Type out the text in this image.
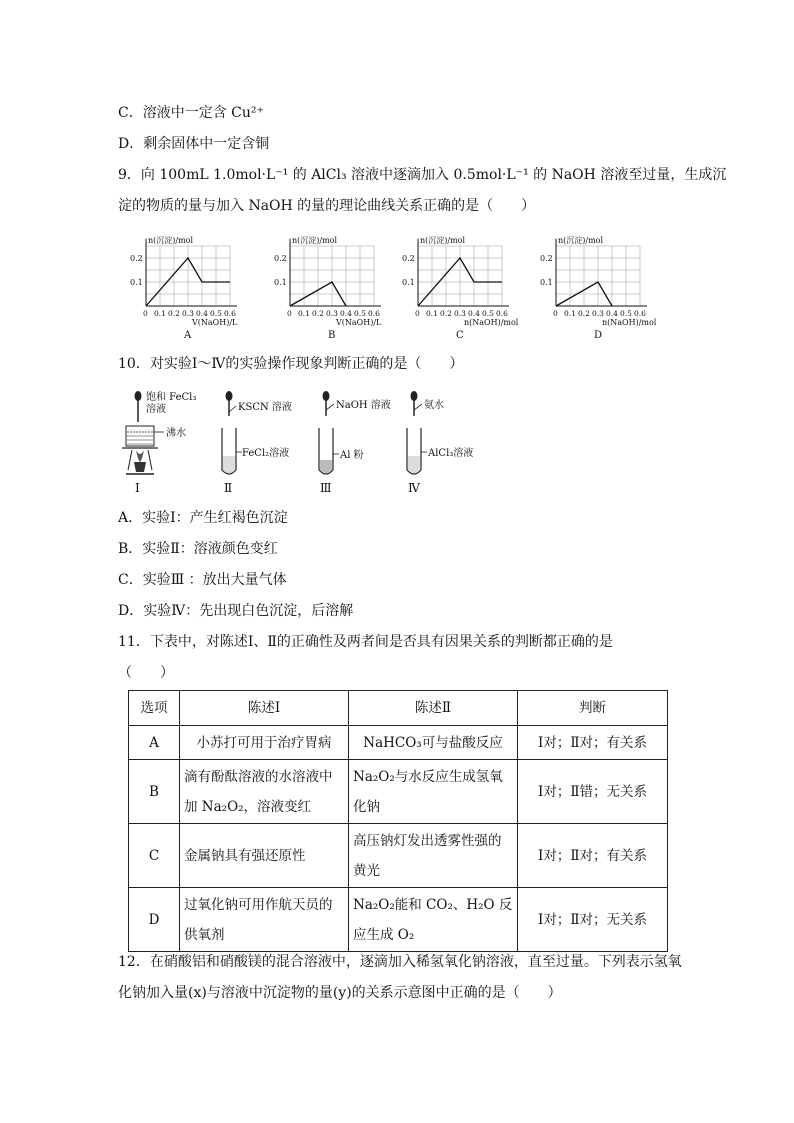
C．溶液中一定含 Cu²⁺
D．剩余固体中一定含铜
9．向 100mL 1.0mol·L⁻¹ 的 AlCl₃ 溶液中逐滴加入 0.5mol·L⁻¹ 的 NaOH 溶液至过量，生成沉
淀的物质的量与加入 NaOH 的量的理论曲线关系正确的是（　　）
n(沉淀)/mol
0.2
0.1
0 0.1 0.2 0.3 0.4 0.5 0.6
V(NaOH)/L
A
n(沉淀)/mol
0.2
0.1
0 0.1 0.2 0.3 0.4 0.5 0.6
V(NaOH)/L
B
n(沉淀)/mol
0.2
0.1
0 0.1 0.2 0.3 0.4 0.5 0.6
n(NaOH)/mol
C
n(沉淀)/mol
0.2
0.1
0 0.1 0.2 0.3 0.4 0.5 0.6
n(NaOH)/mol
D
10．对实验Ⅰ～Ⅳ的实验操作现象判断正确的是（　　）
饱和 FeCl₃
溶液
沸水
Ⅰ
KSCN 溶液
FeCl₂溶液
Ⅱ
NaOH 溶液
Al 粉
Ⅲ
氨水
AlCl₃溶液
Ⅳ
A．实验Ⅰ：产生红褐色沉淀
B．实验Ⅱ：溶液颜色变红
C．实验Ⅲ ：放出大量气体
D．实验Ⅳ：先出现白色沉淀，后溶解
11．下表中，对陈述Ⅰ、Ⅱ的正确性及两者间是否具有因果关系的判断都正确的是
（　　）
选项	陈述Ⅰ	陈述Ⅱ	判断
A	小苏打可用于治疗胃病	NaHCO₃可与盐酸反应	Ⅰ对；Ⅱ对；有关系
B	滴有酚酞溶液的水溶液中加 Na₂O₂，溶液变红	Na₂O₂与水反应生成氢氧化钠	Ⅰ对；Ⅱ错；无关系
C	金属钠具有强还原性	高压钠灯发出透雾性强的黄光	Ⅰ对；Ⅱ对；有关系
D	过氧化钠可用作航天员的供氧剂	Na₂O₂能和 CO₂、H₂O 反应生成 O₂	Ⅰ对；Ⅱ对；无关系
12．在硝酸铝和硝酸镁的混合溶液中，逐滴加入稀氢氧化钠溶液，直至过量。下列表示氢氧
化钠加入量(x)与溶液中沉淀物的量(y)的关系示意图中正确的是（　　）
